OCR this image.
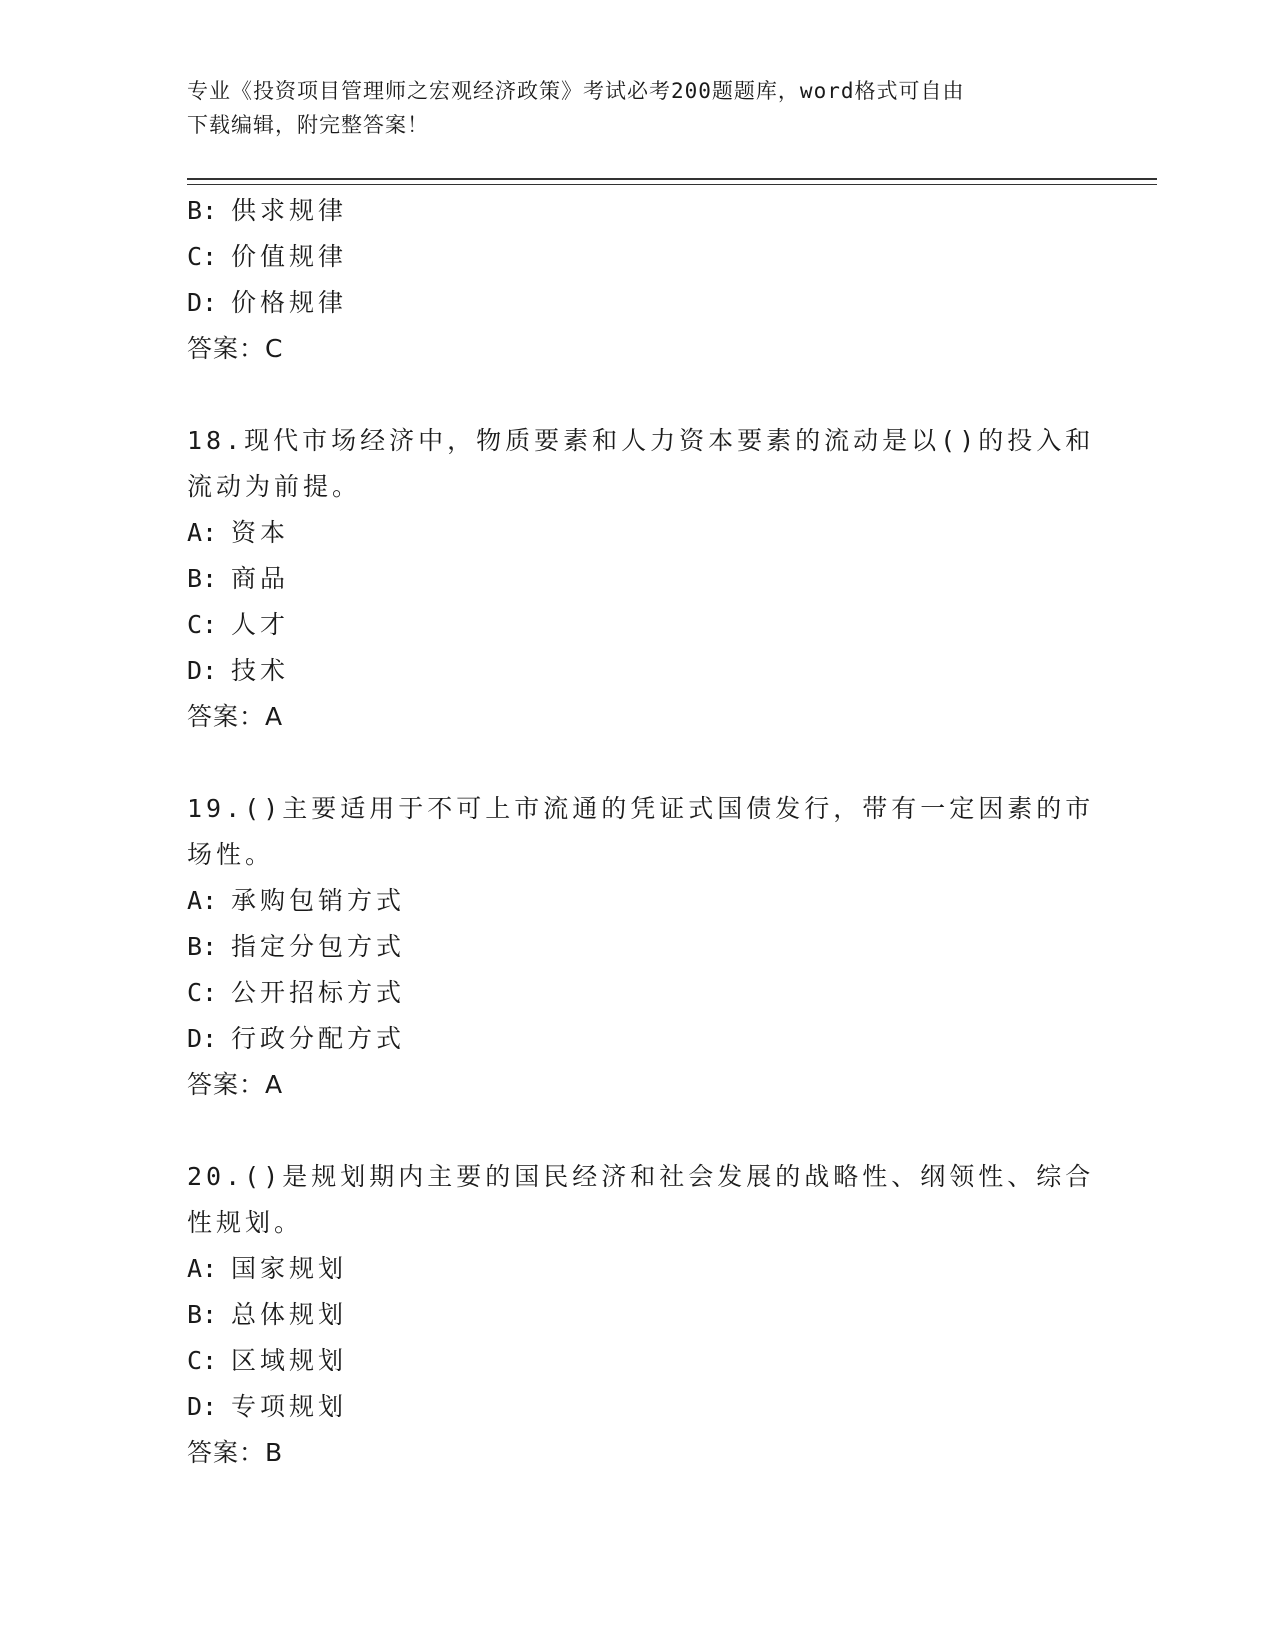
专业《投资项目管理师之宏观经济政策》考试必考200题题库，word格式可自由
下载编辑，附完整答案！
B: 供求规律
C: 价值规律
D: 价格规律
答案：C
18.现代市场经济中，物质要素和人力资本要素的流动是以()的投入和
流动为前提。
A: 资本
B: 商品
C: 人才
D: 技术
答案：A
19.()主要适用于不可上市流通的凭证式国债发行，带有一定因素的市
场性。
A: 承购包销方式
B: 指定分包方式
C: 公开招标方式
D: 行政分配方式
答案：A
20.()是规划期内主要的国民经济和社会发展的战略性、纲领性、综合
性规划。
A: 国家规划
B: 总体规划
C: 区域规划
D: 专项规划
答案：B
